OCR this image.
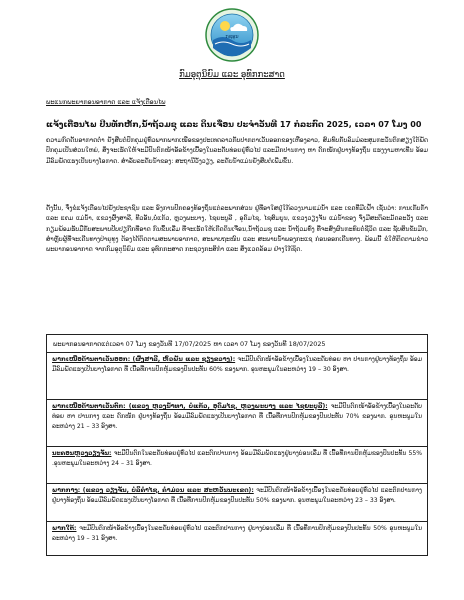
ກຊອຸນ
ກົມອຸຕຸນິຍົມ ແລະ ອຸທົກກະສາດ
ພະແນກພະຍາກອນອາກາດ ແລະ ແຈ້ງເຕືອນໄພ
ແຈ້ງເຕືອນໄພ ປີນທັກຫັກ,ນ້ຳຖ້ວມຊຸ ແລະ ດິນເຈື່ອນ ປະຈຳວັນທີ 17 ກໍລະກົດ 2025, ເວລາ 07 ໂມງ 00
ຄວາມກົດດັນອາກາດຕໍ່າ ຍັງສືບຕໍ່ປົກຄຸມຢູ່ທົ່ວພາກພາກເໜືອຂອງປະເທດລາວກັບປາກຕາເວັນອອກຂອງເຫືອງລາວ, ສົມທົບກັບລົມມໍລະສຸມກະວັນຕົກສຽງໃຕ້ພັດປົກຄຸມເປັນສ່ວນໃຫຍ່, ສິ່ງຈະເຮັດໃຫ້ຈະມີປົນຕົກໜ້າອັອຂ້າງເບື້ອງໃນລະດັບທ່ອຍຢູ່ທົ່ວໄປ ແລະມີກປານກາງ ຫາ ດົກໜັກຢູ່ບາງທ້ອງຖິ່ນ ແຮງງາມຫາເທີ່ນ ອ້ອມມີລົມພັດແຮງເປັນບາງໂອກາດ. ສຳລັບລະດັບນ້ຳຂອງ: ສະຖານີວັງວຽງ, ລະດັບນ້ຳແມ່ນຍັງສືບຕໍ່ເພີ່ມຂຶ້ນ.
ດັ່ງນັ້ນ, ຈຶ່ງຂໍແຈ້ງເຕືອນໄປຍັງປະຊາຊົນ ແລະ ອົງການປົກຄອງທ້ອງຖິ່ນແຕ່ລະພາກສ່ວນ ຢູ່ທີ່ອາໃສຢູ່ໃກ້ລວງນາມແມ່ນ້ຳ ແລະ ເຂດທີ່ມີເຝົ້າ ເຊັ່ນວ່າ: ການເກັບກ້ຳ ແລະ ແຄມ ແມ່ນ້ຳ, ແຂວງຜົ້ງສາລີ, ທີວອັນ,ບໍ່ແກ້ວ, ຫຼວງພະບາງ, ໄຊຍະບູລີ , ອຸດົມໄຊ, ໄຊສົມບູນ, ແຂວງວຽງຈັນ ແມ່ນ້ຳຂອງ ຈົ່ງມີສະຕິລະມັດລະວັງ ແລະ ກຽມພ້ອມຮັບມືກັບສະພາບປັບປຽກີກທີ່ອາດ ກົນຂຶ້ນເລີ່ມ ທີ່ຈະເຮັດໃຫ້ເກີດດິນເຈື່ອນ,ນ້ຳຖ້ວມຊຸ ແລະ ນ້ຳຖ້ວມທົ່ງ ທີ່ຈະສົ່ງຜົນກະທົບຕໍ່ຊີວິດ ແລະ ຊັບສິນຂັບມີກ, ສຳຫຼັບຜູ້ທີ່ຈະເດີນທາງປ່າຍຸທຸງ ຕ້ອງໄດ້ຕິດຕາມສະພາບອາກາດ, ສະພາບຖະໜົນ ແລະ ສະພາບນ້ຳພອງກະແຊ ກ່ອນອອກເດີນທາງ. ພ້ອມນີ້ ຂໍໃຫ້ຕິດຕາມຂ່າວພະຍາກອນອາກາດ ຈາກກົມອຸຕຸນິຍົມ ແລະ ອຸທົກກະສາດ ກະຊວງກະສິກຳ ແລະ ສິ່ງແວດລ້ອມ ຢ່າງໃກ້ຊິດ.
ພະຍາກອນອາກາດແຕ່ເວລາ 07 ໂມງ ຂອງວັນທີ 17/07/2025 ຫາ ເວລາ 07 ໂມງ ຂອງວັນທີ 18/07/2025
ພາກເໜືອດ້ານຕາເວັນອອກ: (ຜົ້ງສາລີ, ຫົວພັນ ແລະ ຊຽງຂວາງ): ຈະມີປົນຕົກໜ້າອັອຂ້າງເບື້ອງໃນລະດັບທ່ອຍ ຫາ ປານກາງຢູ່ບາງທ້ອງຖິ່ນ ອ້ອມມີລົມພັດແຮງເປັນບາງໂອກາດ ທີ່ ເນື້ອທີ່ການປົກຫຸ້ມຂອງປົນປະທັ້ນ 60% ຂອງພາກ. ອຸນຫະພູມໃນລະຫວ່າງ 19 – 30 ອົງສາ.
ພາກເໜືອດ້ານຕາເວັນຕົກ: (ແຂວງ ຫຼວງນ້ຳທາ, ບໍ່ແກ້ວ, ອຸດົມໄຊ, ຫຼວງພະບາງ ແລະ ໄຊຍະບູລີ): ຈະມີປົນຕົກໜ້າອັອຂ້າງເບື້ອງໃນລະດັບທ່ອຍ ຫາ ປານກາງ ແລະ ດົກໜັກ ຢູ່ບາງທ້ອງຖິ່ນ ອ້ອມມີລົມພັດແຮງເປັນບາງໂອກາດ ທີ່ ເນື້ອທີ່ການປົກຫຸ້ມຂອງປົນປະທັ້ນ 70% ຂອງພາກ. ອຸນຫະພູມໃນລະຫວ່າງ 21 – 33 ອົງສາ.
ນະຄອນຫຼວງວຽງຈັນ: ຈະມີປົນຕົກໃນລະດັບທ່ອຍຢູ່ທົ່ວໄປ ແລະຕົກປານກາງ ອ້ອມມີລົມພັດແຮງຢູ່ບາງບ່ອນເລີ່ມ ທີ່ ເນື້ອທີ່ການປົກຫຸ້ມຂອງປົນປະທັ້ນ 55% .ອຸນຫະພູມໃນລະຫວ່າງ 24 – 31 ອົງສາ.
ພາກກາງ: (ແຂວງ ວຽງຈັນ, ບໍລິຄຳໄຊ, ຄຳມ່ວນ ແລະ ສະຫວັນນະເຂດ): ຈະມີປົນຕົກໜ້າອັອຂ້າງເບື້ອງໃນລະດັບທ່ອຍຢູ່ທົ່ວໄປ ແລະຕົກປານກາງຢູ່ບາງທ້ອງຖິ່ນ ອ້ອມມີລົມພັດແຮງເປັນບາງໂອກາດ ທີ່ ເນື້ອທີ່ການປົກຫຸ້ມຂອງປົນປະທັ້ນ 50% ຂອງພາກ. ອຸນຫະພູມໃນລະຫວ່າງ 23 – 33 ອົງສາ.
ພາກໃຕ້: ຈະມີປົນຕົກໜ້າອັອຂ້າງເບື້ອງໃນລະດັບທ່ອຍຢູ່ທົ່ວໄປ ແລະຕົກປານກາງ ຢູ່ບາງບ່ອນເລີ່ມ ທີ່ ເນື້ອທີ່ການປົກຫຸ້ມຂອງປົນປະທັ້ນ 50% ອຸນຫະພູມໃນລະຫວ່າງ 19 – 31 ອົງສາ.
